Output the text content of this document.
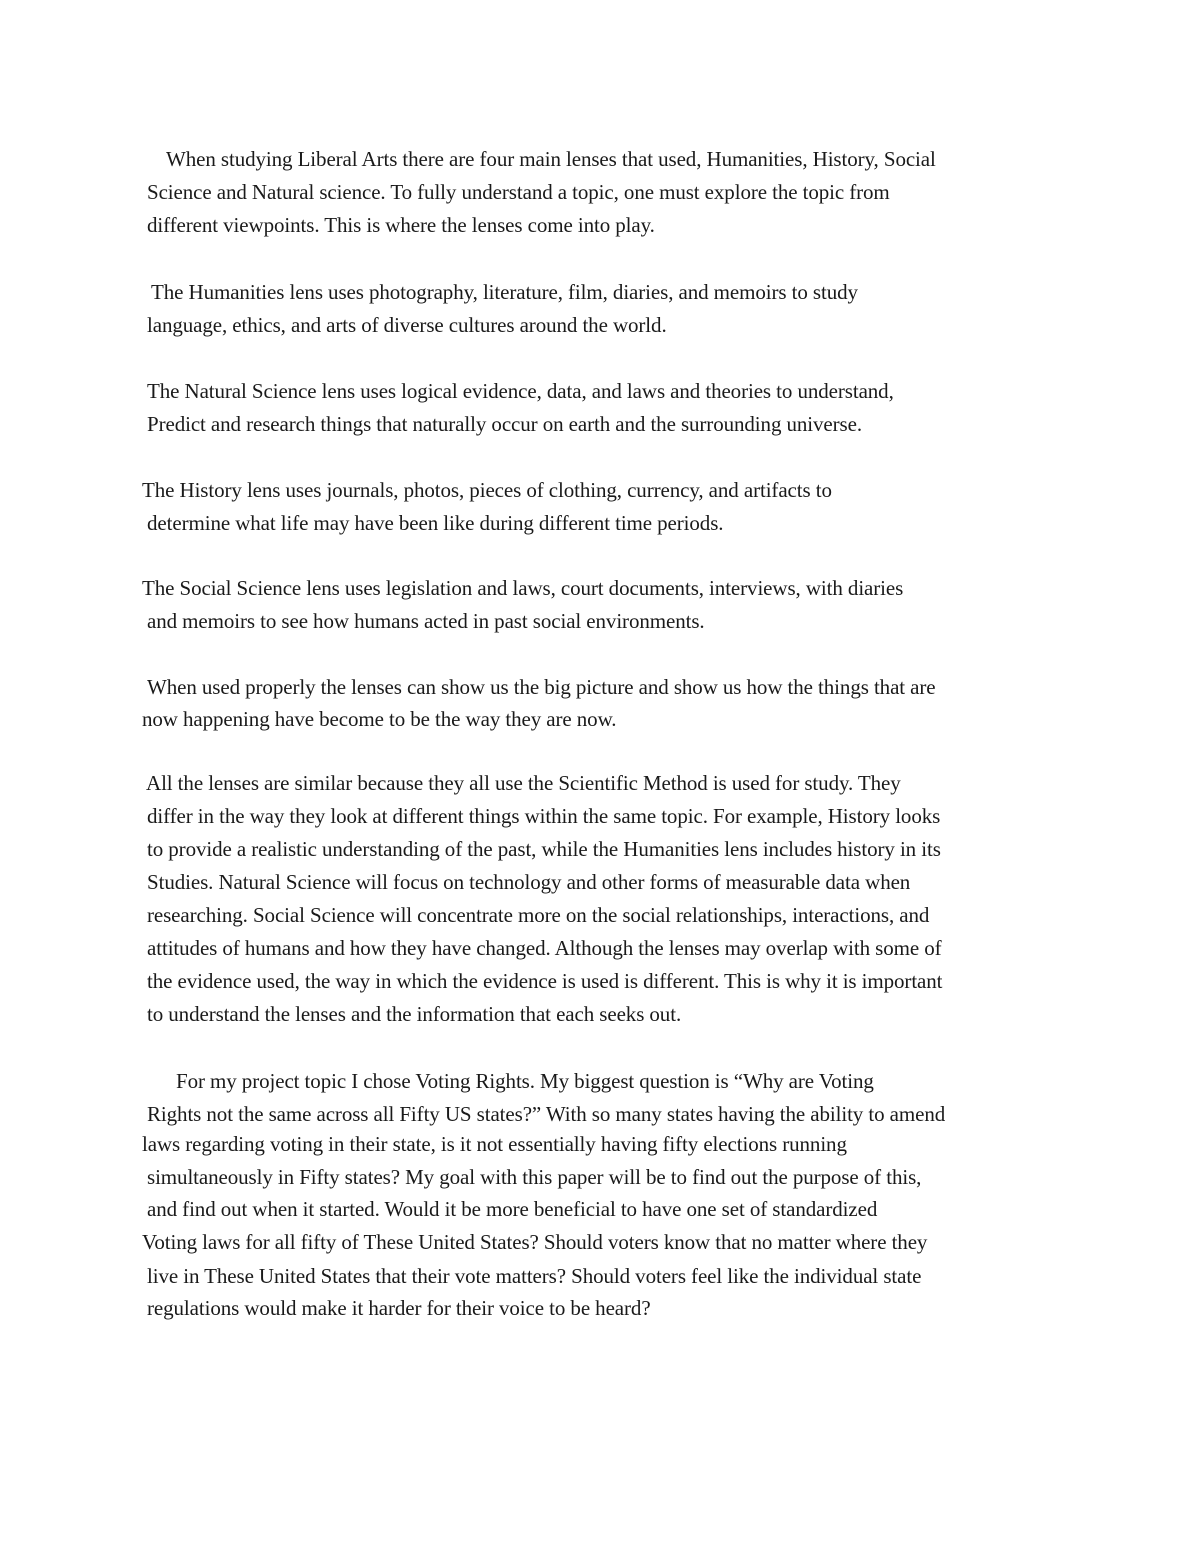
When studying Liberal Arts there are four main lenses that used, Humanities, History, Social
Science and Natural science. To fully understand a topic, one must explore the topic from
different viewpoints. This is where the lenses come into play.
The Humanities lens uses photography, literature, film, diaries, and memoirs to study
language, ethics, and arts of diverse cultures around the world.
The Natural Science lens uses logical evidence, data, and laws and theories to understand,
Predict and research things that naturally occur on earth and the surrounding universe.
The History lens uses journals, photos, pieces of clothing, currency, and artifacts to
determine what life may have been like during different time periods.
The Social Science lens uses legislation and laws, court documents, interviews, with diaries
and memoirs to see how humans acted in past social environments.
When used properly the lenses can show us the big picture and show us how the things that are
now happening have become to be the way they are now.
All the lenses are similar because they all use the Scientific Method is used for study. They
differ in the way they look at different things within the same topic. For example, History looks
to provide a realistic understanding of the past, while the Humanities lens includes history in its
Studies. Natural Science will focus on technology and other forms of measurable data when
researching. Social Science will concentrate more on the social relationships, interactions, and
attitudes of humans and how they have changed. Although the lenses may overlap with some of
the evidence used, the way in which the evidence is used is different. This is why it is important
to understand the lenses and the information that each seeks out.
For my project topic I chose Voting Rights. My biggest question is “Why are Voting
Rights not the same across all Fifty US states?” With so many states having the ability to amend
laws regarding voting in their state, is it not essentially having fifty elections running
simultaneously in Fifty states? My goal with this paper will be to find out the purpose of this,
and find out when it started. Would it be more beneficial to have one set of standardized
Voting laws for all fifty of These United States? Should voters know that no matter where they
live in These United States that their vote matters? Should voters feel like the individual state
regulations would make it harder for their voice to be heard?
